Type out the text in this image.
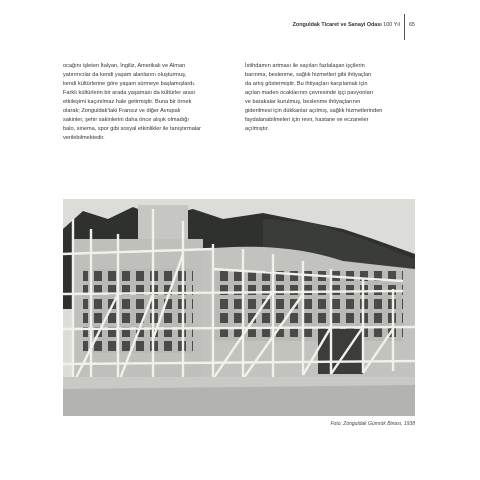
Zonguldak Ticaret ve Sanayi Odası 100 Yıl 65
ocağını işleten İtalyan, İngiliz, Amerikalı ve Alman
yatırımcılar da kendi yaşam alanlarını oluşturmuş,
kendi kültürlerine göre yaşam sürmeye başlamışlardı.
Farklı kültürlerin bir arada yaşaması da kültürler arası
etkileşimi kaçınılmaz hale getirmiştir. Buna bir örnek
olarak; Zonguldak'taki Fransız ve diğer Avrupalı
sakinler, şehir sakinlerini daha önce alışık olmadığı
balo, sinema, spor gibi sosyal etkinlikler ile tanıştırmalar
verilebilmektedir.
İstihdamın artması ile sayıları fazlalaşan işçilerin
barınma, beslenme, sağlık hizmetleri gibi ihtiyaçları
da artış göstermiştir. Bu ihtiyaçları karşılamak için
açılan maden ocaklarının çevresinde işçi pavyonları
ve barakalar kurulmuş, beslenme ihtiyaçlarının
giderilmesi için dükkanlar açılmış, sağlık hizmetlerinden
faydalanabilmeleri için revir, hastane ve eczaneler
açılmıştır.
Foto. Zonguldak Gümrük Binası, 1938
